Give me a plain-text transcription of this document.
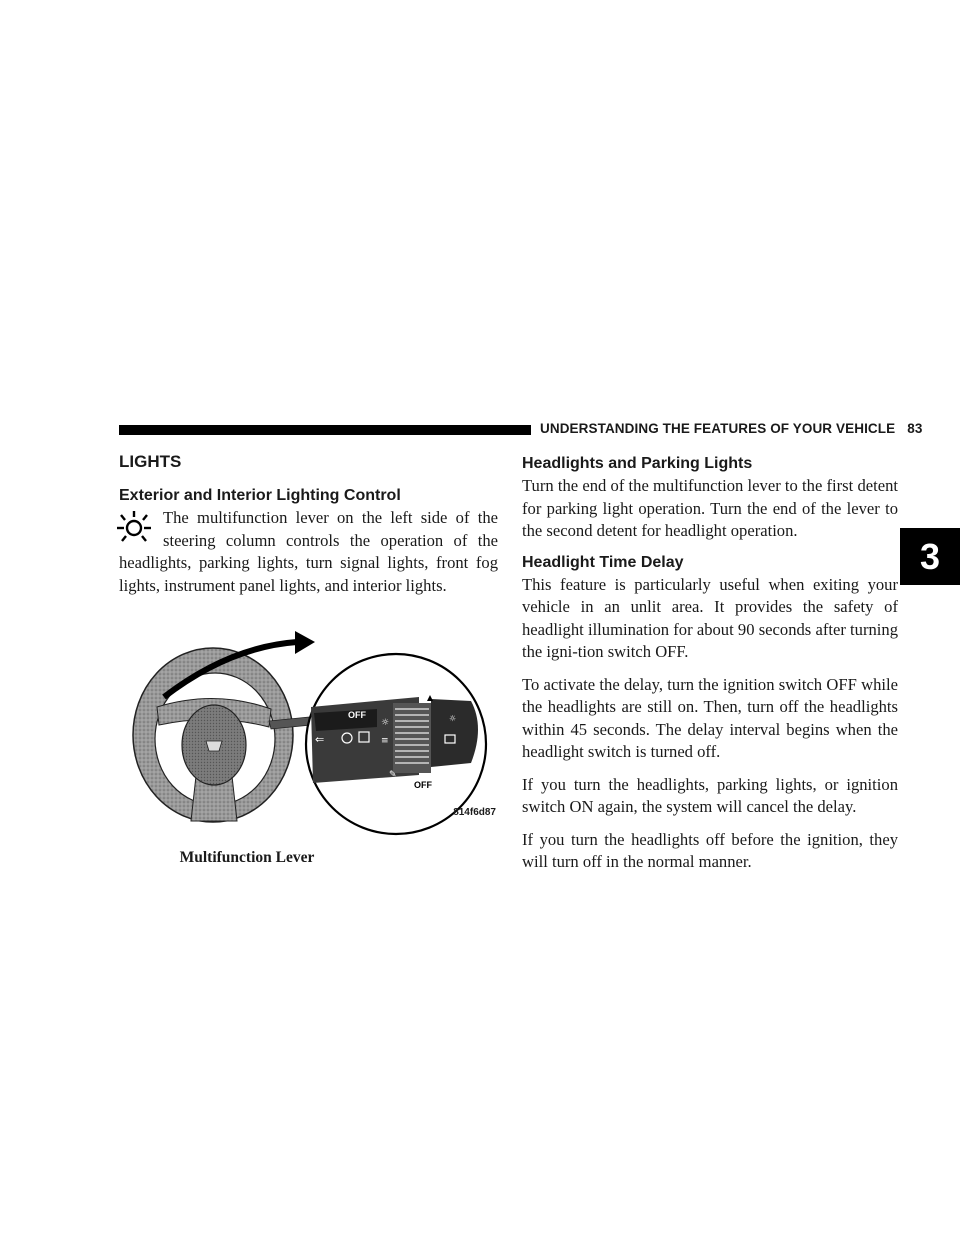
UNDERSTANDING THE FEATURES OF YOUR VEHICLE 83
LIGHTS
Exterior and Interior Lighting Control

The multifunction lever on the left side of the steering column controls the operation of the headlights, parking lights, turn signal lights, front fog lights, instrument panel lights, and interior lights.

OFF
OFF
⇐
☼
≡
☼
✎
814f6d87
Multifunction Lever
Headlights and Parking Lights

Turn the end of the multifunction lever to the first detent for parking light operation. Turn the end of the lever to the second detent for headlight operation.

Headlight Time Delay

This feature is particularly useful when exiting your vehicle in an unlit area. It provides the safety of headlight illumination for about 90 seconds after turning the igni-tion switch OFF.

To activate the delay, turn the ignition switch OFF while the headlights are still on. Then, turn off the headlights within 45 seconds. The delay interval begins when the headlight switch is turned off.

If you turn the headlights, parking lights, or ignition switch ON again, the system will cancel the delay.

If you turn the headlights off before the ignition, they will turn off in the normal manner.

3
